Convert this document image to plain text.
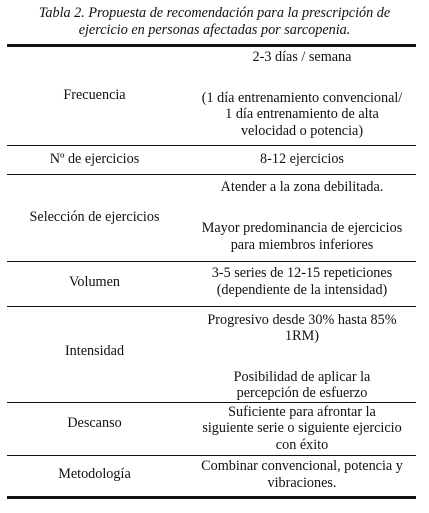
Tabla 2. Propuesta de recomendación para la prescripción de
ejercicio en personas afectadas por sarcopenia.
Frecuencia
2-3 días / semana
(1 día entrenamiento convencional/
1 día entrenamiento de alta
velocidad o potencia)
Nº de ejercicios	8-12 ejercicios
Selección de ejercicios
Atender a la zona debilitada.
Mayor predominancia de ejercicios
para miembros inferiores
Volumen
3-5 series de 12-15 repeticiones
(dependiente de la intensidad)
Intensidad
Progresivo desde 30% hasta 85%
1RM)
Posibilidad de aplicar la
percepción de esfuerzo
Descanso
Suficiente para afrontar la
siguiente serie o siguiente ejercicio
con éxito
Metodología	Combinar convencional, potencia y
vibraciones.
